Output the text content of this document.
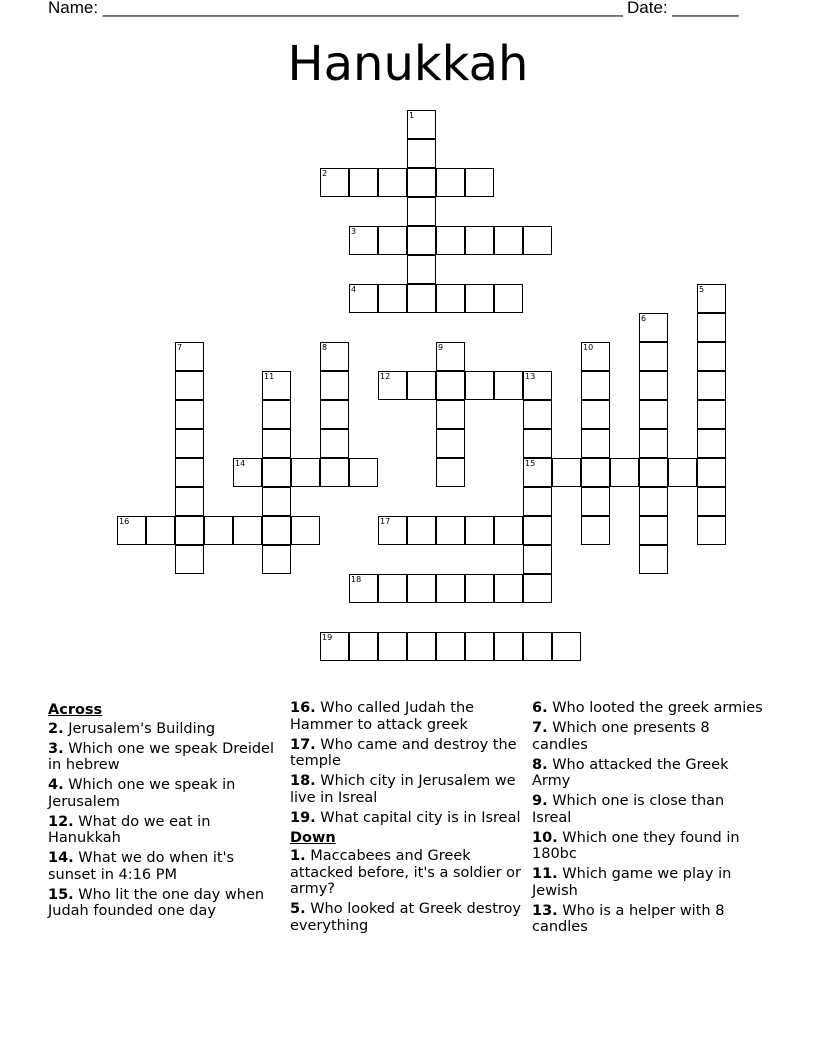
Name: _______________________________________________________ Date: _______
Hanukkah
1
2
3
4	5
6
7	8	9	10
11	12	13
14	15
16	17
18
19
Across
2. Jerusalem's Building
3. Which one we speak Dreidel in hebrew
4. Which one we speak in Jerusalem
12. What do we eat in Hanukkah
14. What we do when it's sunset in 4:16 PM
15. Who lit the one day when Judah founded one day
16. Who called Judah the Hammer to attack greek
17. Who came and destroy the temple
18. Which city in Jerusalem we live in Isreal
19. What capital city is in Isreal
Down
1. Maccabees and Greek attacked before, it's a soldier or army?
5. Who looked at Greek destroy everything
6. Who looted the greek armies
7. Which one presents 8 candles
8. Who attacked the Greek Army
9. Which one is close than Isreal
10. Which one they found in 180bc
11. Which game we play in Jewish
13. Who is a helper with 8 candles
